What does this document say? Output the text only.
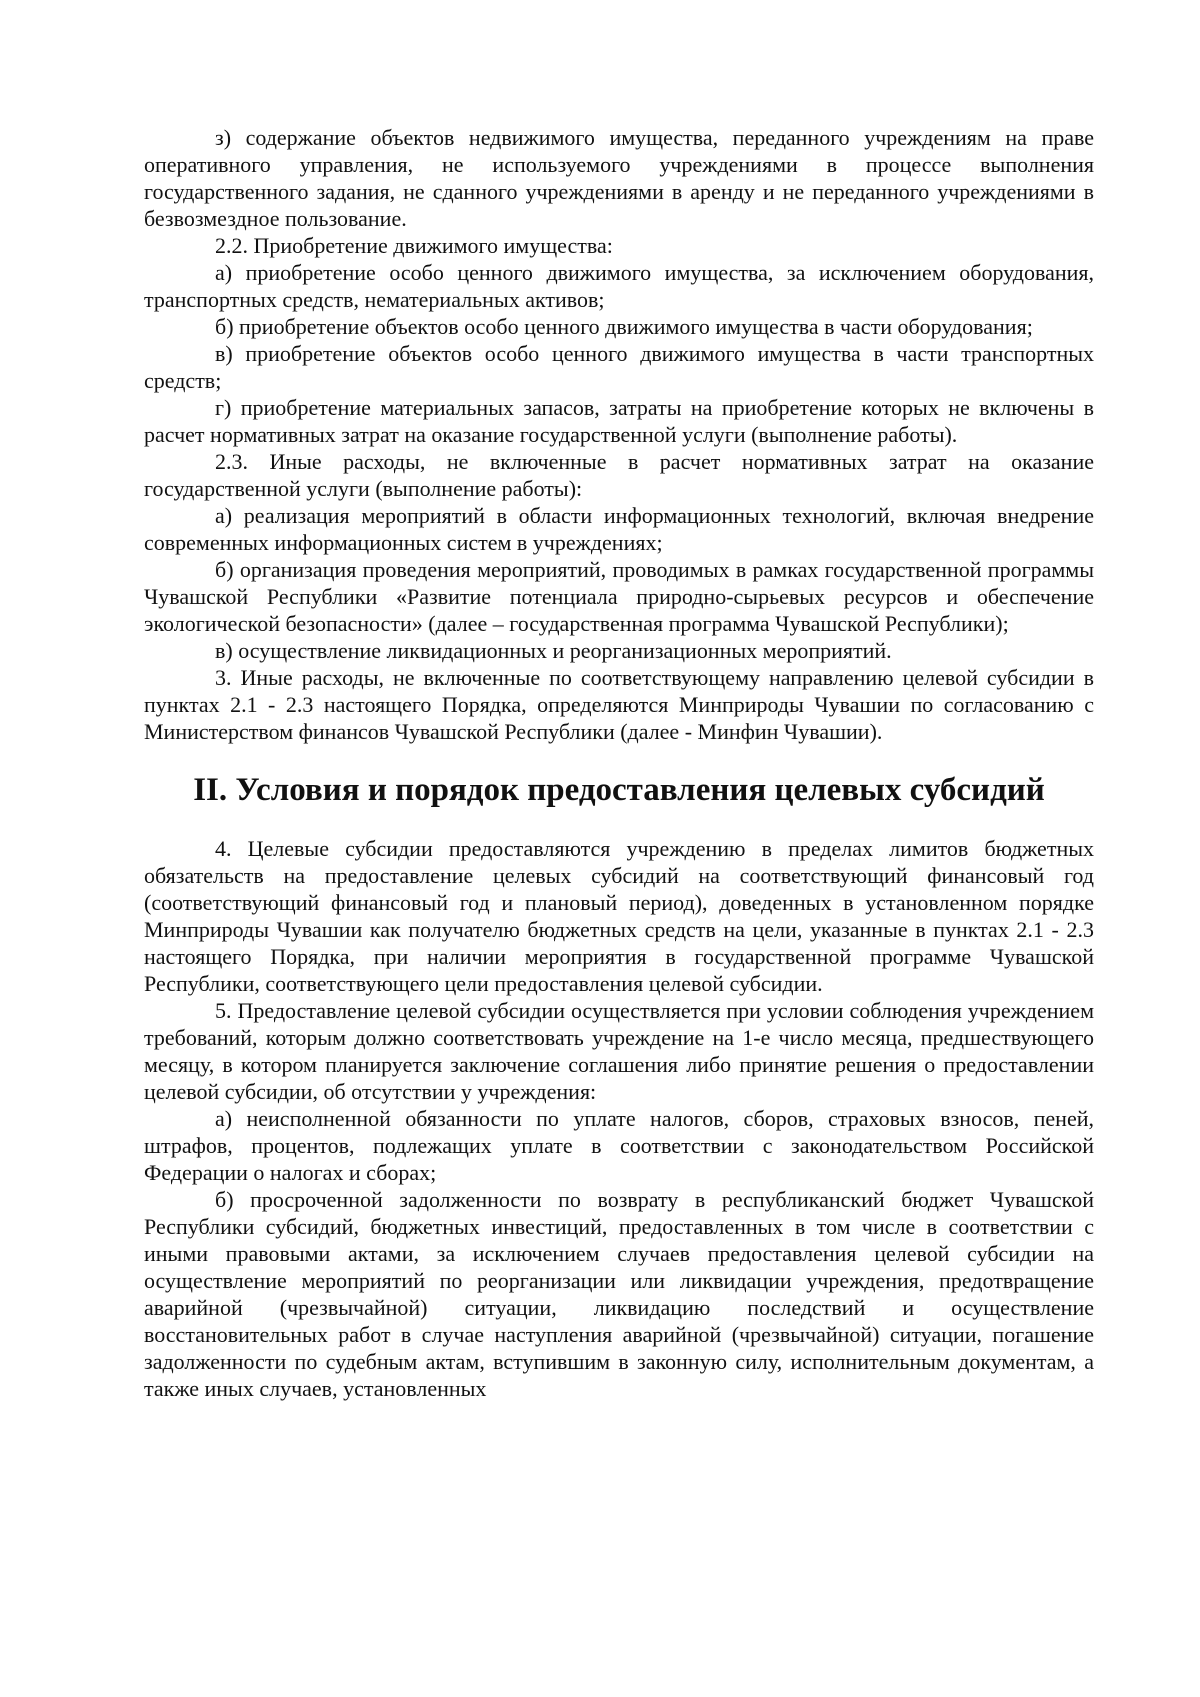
з) содержание объектов недвижимого имущества, переданного учреждениям на праве оперативного управления, не используемого учреждениями в процессе выполнения государственного задания, не сданного учреждениями в аренду и не переданного учреждениями в безвозмездное пользование.

2.2. Приобретение движимого имущества:

а) приобретение особо ценного движимого имущества, за исключением оборудования, транспортных средств, нематериальных активов;

б) приобретение объектов особо ценного движимого имущества в части оборудования;

в) приобретение объектов особо ценного движимого имущества в части транспортных средств;

г) приобретение материальных запасов, затраты на приобретение которых не включены в расчет нормативных затрат на оказание государственной услуги (выполнение работы).

2.3. Иные расходы, не включенные в расчет нормативных затрат на оказание государственной услуги (выполнение работы):

а) реализация мероприятий в области информационных технологий, включая внедрение современных информационных систем в учреждениях;

б) организация проведения мероприятий, проводимых в рамках государственной программы Чувашской Республики «Развитие потенциала природно-сырьевых ресурсов и обеспечение экологической безопасности» (далее – государственная программа Чувашской Республики);

в) осуществление ликвидационных и реорганизационных мероприятий.

3. Иные расходы, не включенные по соответствующему направлению целевой субсидии в пунктах 2.1 - 2.3 настоящего Порядка, определяются Минприроды Чувашии по согласованию с Министерством финансов Чувашской Республики (далее - Минфин Чувашии).

II. Условия и порядок предоставления целевых субсидий

4. Целевые субсидии предоставляются учреждению в пределах лимитов бюджетных обязательств на предоставление целевых субсидий на соответствующий финансовый год (соответствующий финансовый год и плановый период), доведенных в установленном порядке Минприроды Чувашии как получателю бюджетных средств на цели, указанные в пунктах 2.1 - 2.3 настоящего Порядка, при наличии мероприятия в государственной программе Чувашской Республики, соответствующего цели предоставления целевой субсидии.

5. Предоставление целевой субсидии осуществляется при условии соблюдения учреждением требований, которым должно соответствовать учреждение на 1-е число месяца, предшествующего месяцу, в котором планируется заключение соглашения либо принятие решения о предоставлении целевой субсидии, об отсутствии у учреждения:

а) неисполненной обязанности по уплате налогов, сборов, страховых взносов, пеней, штрафов, процентов, подлежащих уплате в соответствии с законодательством Российской Федерации о налогах и сборах;

б) просроченной задолженности по возврату в республиканский бюджет Чувашской Республики субсидий, бюджетных инвестиций, предоставленных в том числе в соответствии с иными правовыми актами, за исключением случаев предоставления целевой субсидии на осуществление мероприятий по реорганизации или ликвидации учреждения, предотвращение аварийной (чрезвычайной) ситуации, ликвидацию последствий и осуществление восстановительных работ в случае наступления аварийной (чрезвычайной) ситуации, погашение задолженности по судебным актам, вступившим в законную силу, исполнительным документам, а также иных случаев, установленных
